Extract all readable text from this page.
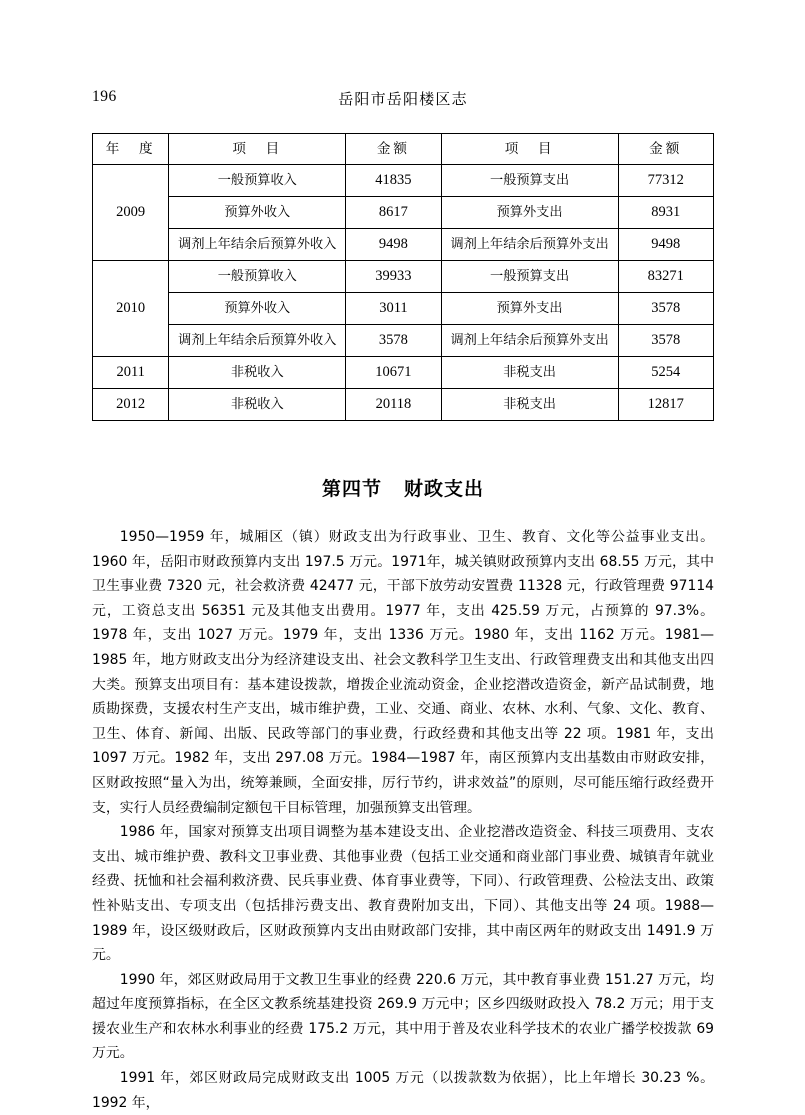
196	岳阳市岳阳楼区志
年　度	项　目	金额	项　目	金额
2009	一般预算收入	41835	一般预算支出	77312
	预算外收入	8617	预算外支出	8931
	调剂上年结余后预算外收入	9498	调剂上年结余后预算外支出	9498
2010	一般预算收入	39933	一般预算支出	83271
	预算外收入	3011	预算外支出	3578
	调剂上年结余后预算外收入	3578	调剂上年结余后预算外支出	3578
2011	非税收入	10671	非税支出	5254
2012	非税收入	20118	非税支出	12817
第四节 财政支出

1950—1959 年，城厢区（镇）财政支出为行政事业、卫生、教育、文化等公益事业支出。1960 年，岳阳市财政预算内支出 197.5 万元。1971年，城关镇财政预算内支出 68.55 万元，其中卫生事业费 7320 元，社会救济费 42477 元，干部下放劳动安置费 11328 元，行政管理费 97114 元，工资总支出 56351 元及其他支出费用。1977 年，支出 425.59 万元，占预算的 97.3%。1978 年，支出 1027 万元。1979 年，支出 1336 万元。1980 年，支出 1162 万元。1981—1985 年，地方财政支出分为经济建设支出、社会文教科学卫生支出、行政管理费支出和其他支出四大类。预算支出项目有：基本建设拨款，增拨企业流动资金，企业挖潜改造资金，新产品试制费，地质勘探费，支援农村生产支出，城市维护费，工业、交通、商业、农林、水利、气象、文化、教育、卫生、体育、新闻、出版、民政等部门的事业费，行政经费和其他支出等 22 项。1981 年，支出 1097 万元。1982 年，支出 297.08 万元。1984—1987 年，南区预算内支出基数由市财政安排，区财政按照“量入为出，统筹兼顾，全面安排，厉行节约，讲求效益”的原则，尽可能压缩行政经费开支，实行人员经费编制定额包干目标管理，加强预算支出管理。

1986 年，国家对预算支出项目调整为基本建设支出、企业挖潜改造资金、科技三项费用、支农支出、城市维护费、教科文卫事业费、其他事业费（包括工业交通和商业部门事业费、城镇青年就业经费、抚恤和社会福利救济费、民兵事业费、体育事业费等，下同）、行政管理费、公检法支出、政策性补贴支出、专项支出（包括排污费支出、教育费附加支出，下同）、其他支出等 24 项。1988—1989 年，设区级财政后，区财政预算内支出由财政部门安排，其中南区两年的财政支出 1491.9 万元。

1990 年，郊区财政局用于文教卫生事业的经费 220.6 万元，其中教育事业费 151.27 万元，均超过年度预算指标，在全区文教系统基建投资 269.9 万元中；区乡四级财政投入 78.2 万元；用于支援农业生产和农林水利事业的经费 175.2 万元，其中用于普及农业科学技术的农业广播学校拨款 69 万元。

1991 年，郊区财政局完成财政支出 1005 万元（以拨款数为依据），比上年增长 30.23 %。1992 年，
